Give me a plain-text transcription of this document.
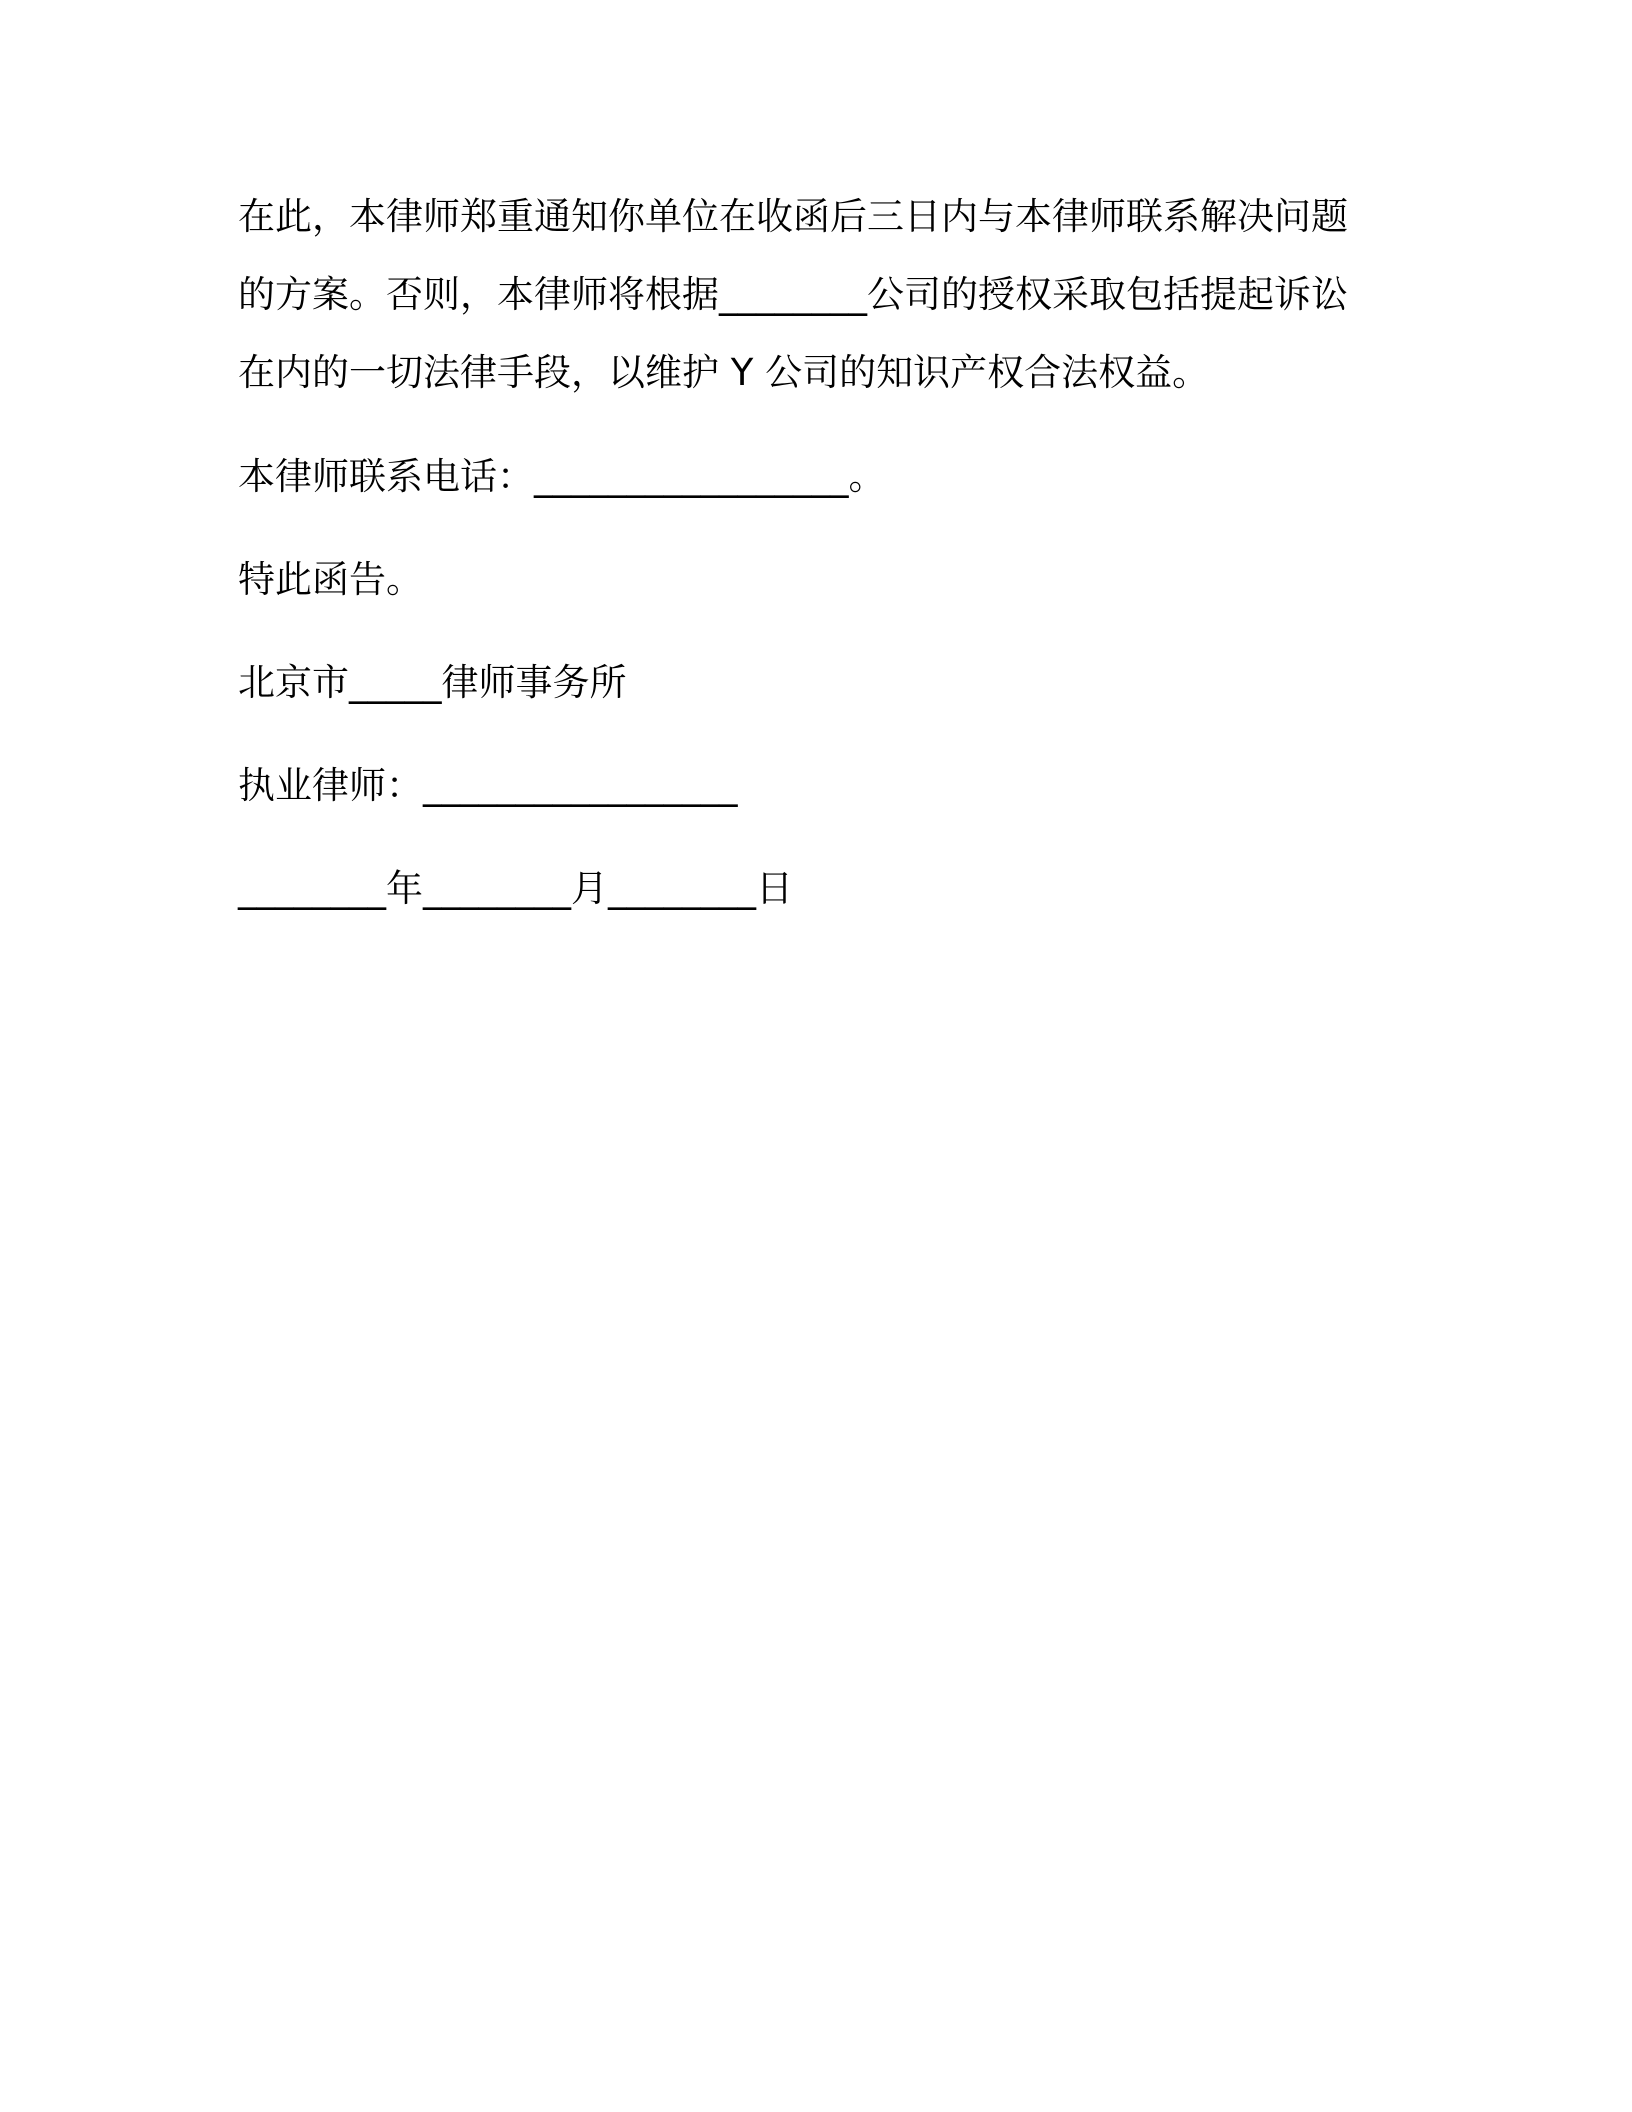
在此，本律师郑重通知你单位在收函后三日内与本律师联系解决问题
的方案。否则，本律师将根据________公司的授权采取包括提起诉讼
在内的一切法律手段，以维护 Y 公司的知识产权合法权益。
本律师联系电话：_________________。
特此函告。
北京市_____律师事务所
执业律师：_________________
________年________月________日
